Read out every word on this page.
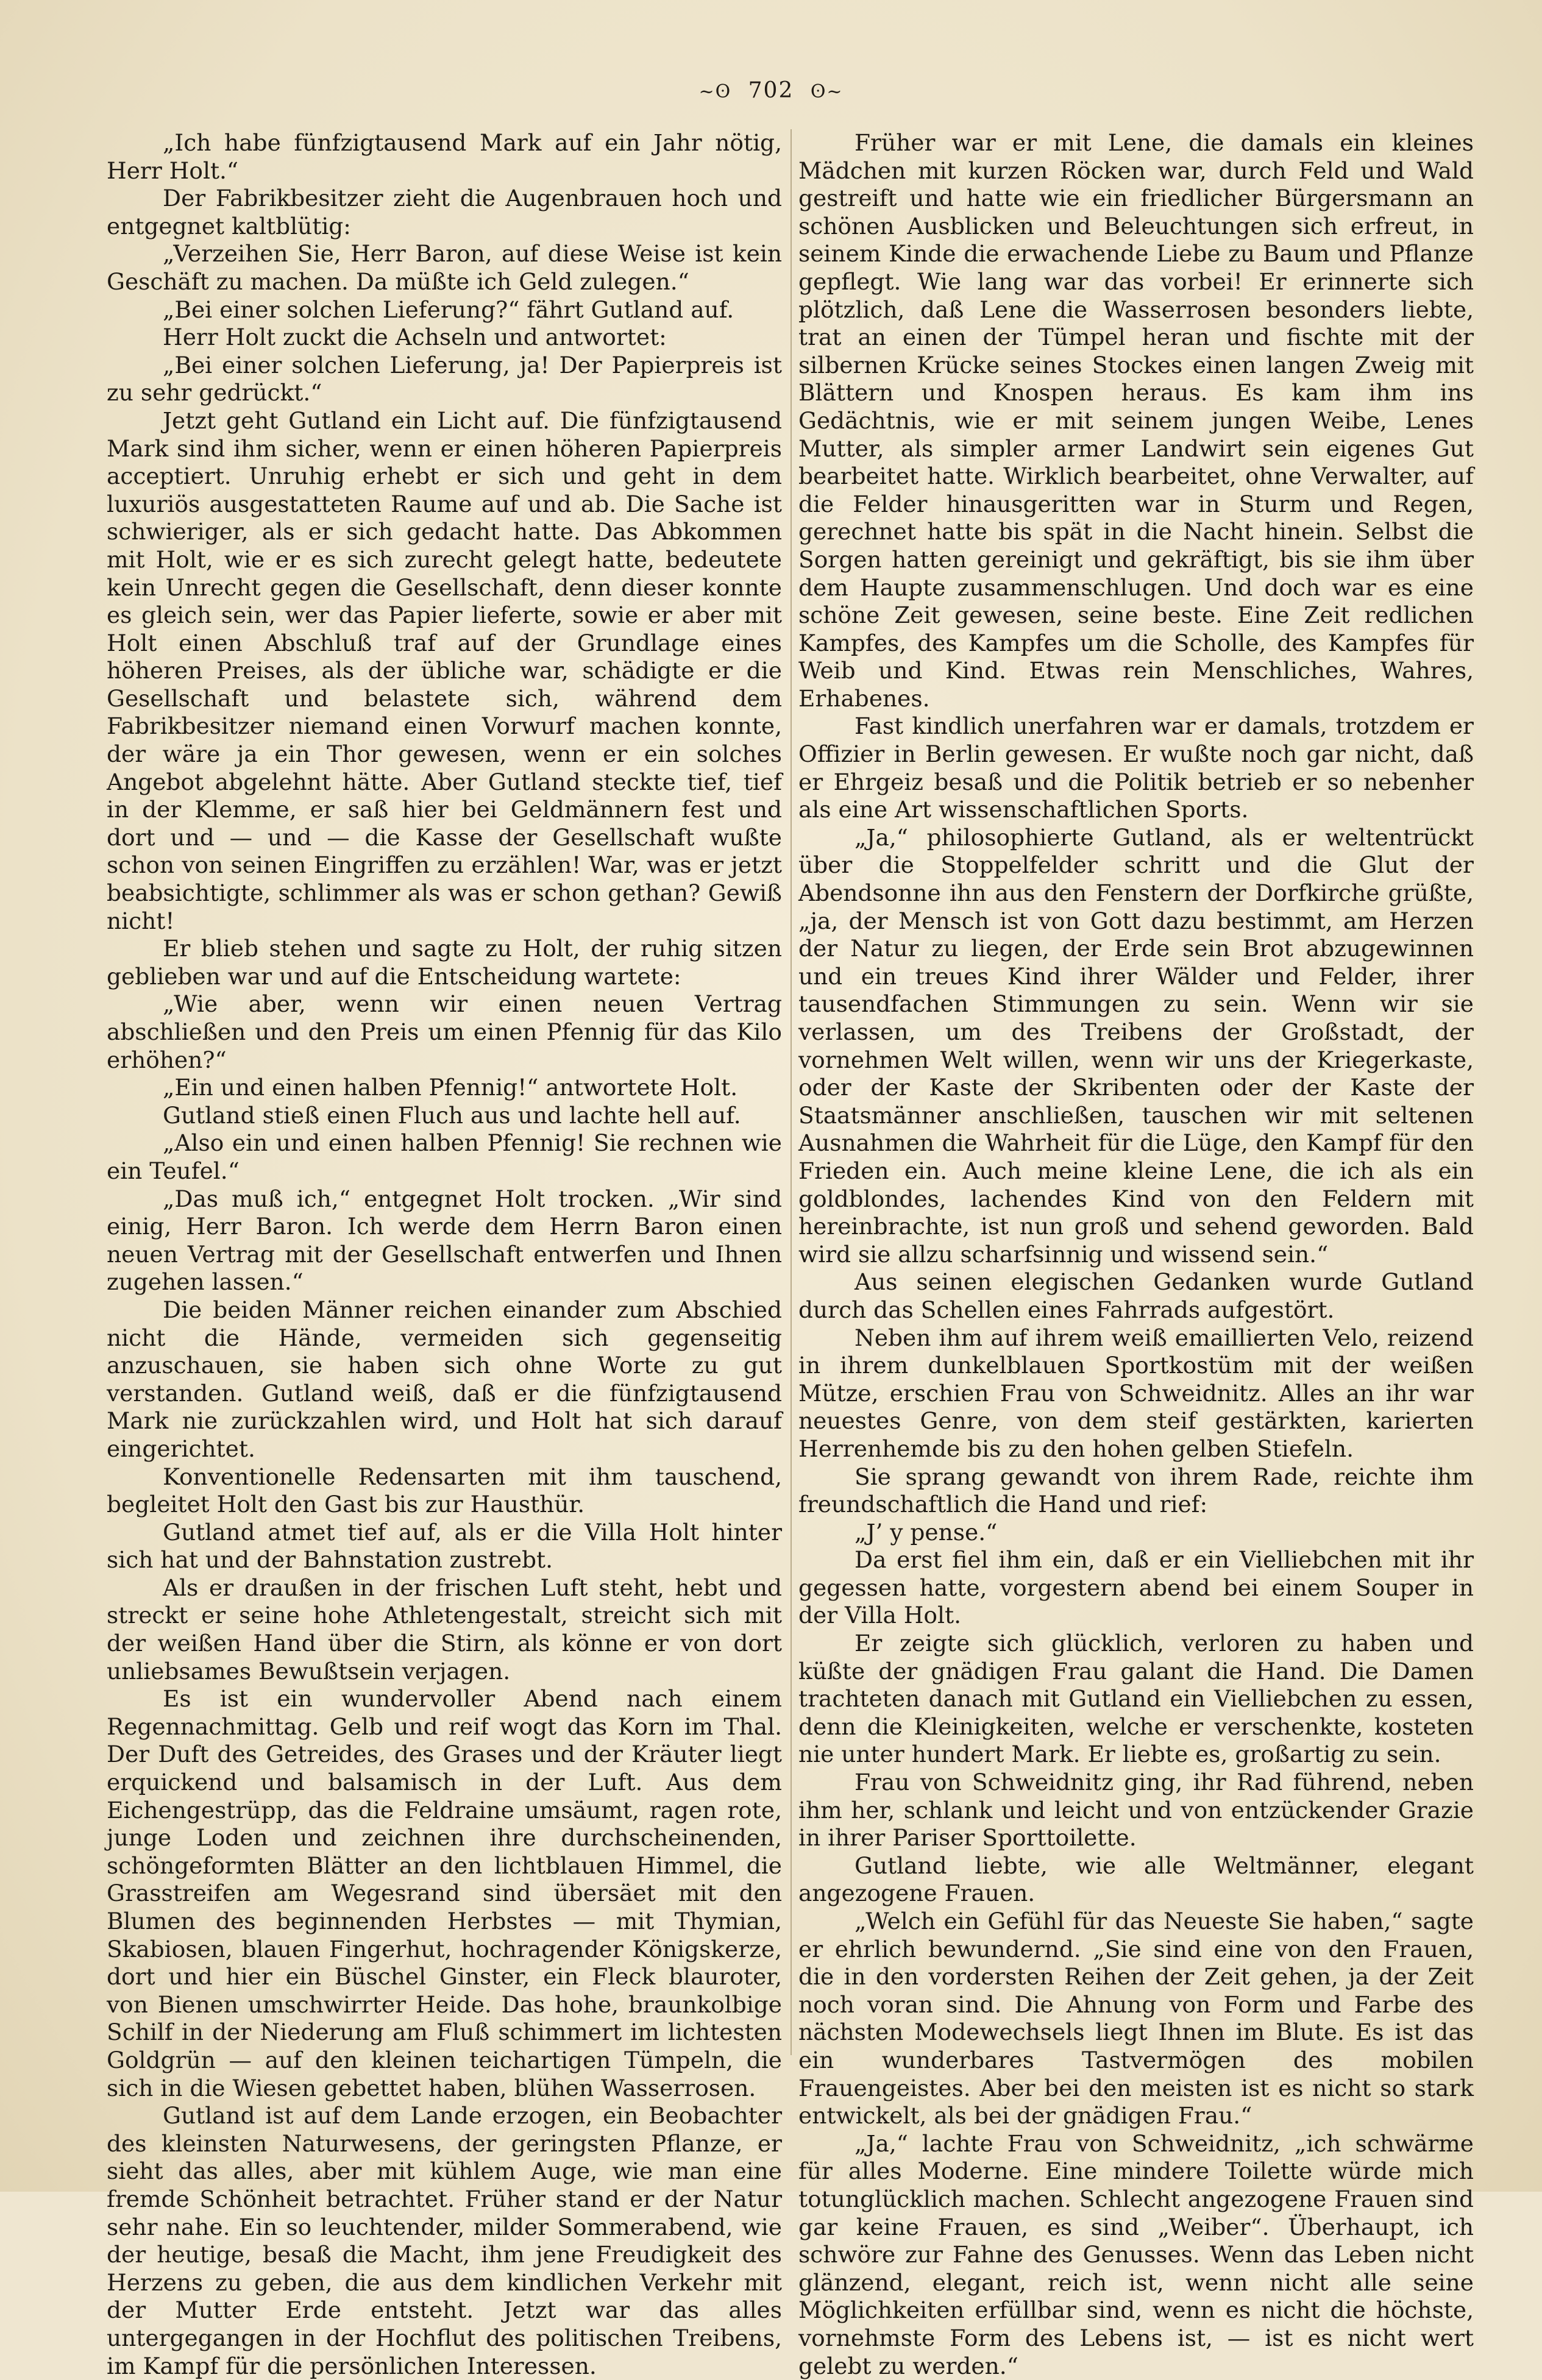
~ʘ 702 ʘ~

„Ich habe fünfzigtausend Mark auf ein Jahr nötig, Herr Holt.“

Der Fabrikbesitzer zieht die Augenbrauen hoch und entgegnet kaltblütig:

„Verzeihen Sie, Herr Baron, auf diese Weise ist kein Geschäft zu machen. Da müßte ich Geld zulegen.“

„Bei einer solchen Lieferung?“ fährt Gutland auf.

Herr Holt zuckt die Achseln und antwortet:

„Bei einer solchen Lieferung, ja! Der Papierpreis ist zu sehr gedrückt.“

Jetzt geht Gutland ein Licht auf. Die fünfzigtausend Mark sind ihm sicher, wenn er einen höheren Papierpreis acceptiert. Unruhig erhebt er sich und geht in dem luxuriös ausgestatteten Raume auf und ab. Die Sache ist schwieriger, als er sich gedacht hatte. Das Abkommen mit Holt, wie er es sich zurecht gelegt hatte, bedeutete kein Unrecht gegen die Gesellschaft, denn dieser konnte es gleich sein, wer das Papier lieferte, sowie er aber mit Holt einen Abschluß traf auf der Grundlage eines höheren Preises, als der übliche war, schädigte er die Gesellschaft und belastete sich, während dem Fabrikbesitzer niemand einen Vorwurf machen konnte, der wäre ja ein Thor gewesen, wenn er ein solches Angebot abgelehnt hätte. Aber Gutland steckte tief, tief in der Klemme, er saß hier bei Geldmännern fest und dort und — und — die Kasse der Gesellschaft wußte schon von seinen Eingriffen zu erzählen! War, was er jetzt beabsichtigte, schlimmer als was er schon gethan? Gewiß nicht!

Er blieb stehen und sagte zu Holt, der ruhig sitzen geblieben war und auf die Entscheidung wartete:

„Wie aber, wenn wir einen neuen Vertrag abschließen und den Preis um einen Pfennig für das Kilo erhöhen?“

„Ein und einen halben Pfennig!“ antwortete Holt.

Gutland stieß einen Fluch aus und lachte hell auf.

„Also ein und einen halben Pfennig! Sie rechnen wie ein Teufel.“

„Das muß ich,“ entgegnet Holt trocken. „Wir sind einig, Herr Baron. Ich werde dem Herrn Baron einen neuen Vertrag mit der Gesellschaft entwerfen und Ihnen zugehen lassen.“

Die beiden Männer reichen einander zum Abschied nicht die Hände, vermeiden sich gegenseitig anzuschauen, sie haben sich ohne Worte zu gut verstanden. Gutland weiß, daß er die fünfzigtausend Mark nie zurückzahlen wird, und Holt hat sich darauf eingerichtet.

Konventionelle Redensarten mit ihm tauschend, begleitet Holt den Gast bis zur Hausthür.

Gutland atmet tief auf, als er die Villa Holt hinter sich hat und der Bahnstation zustrebt.

Als er draußen in der frischen Luft steht, hebt und streckt er seine hohe Athletengestalt, streicht sich mit der weißen Hand über die Stirn, als könne er von dort unliebsames Bewußtsein verjagen.

Es ist ein wundervoller Abend nach einem Regennachmittag. Gelb und reif wogt das Korn im Thal. Der Duft des Getreides, des Grases und der Kräuter liegt erquickend und balsamisch in der Luft. Aus dem Eichengestrüpp, das die Feldraine umsäumt, ragen rote, junge Loden und zeichnen ihre durchscheinenden, schöngeformten Blätter an den lichtblauen Himmel, die Grasstreifen am Wegesrand sind übersäet mit den Blumen des beginnenden Herbstes — mit Thymian, Skabiosen, blauen Fingerhut, hochragender Königskerze, dort und hier ein Büschel Ginster, ein Fleck blauroter, von Bienen umschwirrter Heide. Das hohe, braunkolbige Schilf in der Niederung am Fluß schimmert im lichtesten Goldgrün — auf den kleinen teichartigen Tümpeln, die sich in die Wiesen gebettet haben, blühen Wasserrosen.

Gutland ist auf dem Lande erzogen, ein Beobachter des kleinsten Naturwesens, der geringsten Pflanze, er sieht das alles, aber mit kühlem Auge, wie man eine fremde Schönheit betrachtet. Früher stand er der Natur sehr nahe. Ein so leuchtender, milder Sommerabend, wie der heutige, besaß die Macht, ihm jene Freudigkeit des Herzens zu geben, die aus dem kindlichen Verkehr mit der Mutter Erde entsteht. Jetzt war das alles untergegangen in der Hochflut des politischen Treibens, im Kampf für die persönlichen Interessen.

Früher war er mit Lene, die damals ein kleines Mädchen mit kurzen Röcken war, durch Feld und Wald gestreift und hatte wie ein friedlicher Bürgersmann an schönen Ausblicken und Beleuchtungen sich erfreut, in seinem Kinde die erwachende Liebe zu Baum und Pflanze gepflegt. Wie lang war das vorbei! Er erinnerte sich plötzlich, daß Lene die Wasserrosen besonders liebte, trat an einen der Tümpel heran und fischte mit der silbernen Krücke seines Stockes einen langen Zweig mit Blättern und Knospen heraus. Es kam ihm ins Gedächtnis, wie er mit seinem jungen Weibe, Lenes Mutter, als simpler armer Landwirt sein eigenes Gut bearbeitet hatte. Wirklich bearbeitet, ohne Verwalter, auf die Felder hinausgeritten war in Sturm und Regen, gerechnet hatte bis spät in die Nacht hinein. Selbst die Sorgen hatten gereinigt und gekräftigt, bis sie ihm über dem Haupte zusammenschlugen. Und doch war es eine schöne Zeit gewesen, seine beste. Eine Zeit redlichen Kampfes, des Kampfes um die Scholle, des Kampfes für Weib und Kind. Etwas rein Menschliches, Wahres, Erhabenes.

Fast kindlich unerfahren war er damals, trotzdem er Offizier in Berlin gewesen. Er wußte noch gar nicht, daß er Ehrgeiz besaß und die Politik betrieb er so nebenher als eine Art wissenschaftlichen Sports.

„Ja,“ philosophierte Gutland, als er weltentrückt über die Stoppelfelder schritt und die Glut der Abendsonne ihn aus den Fenstern der Dorfkirche grüßte, „ja, der Mensch ist von Gott dazu bestimmt, am Herzen der Natur zu liegen, der Erde sein Brot abzugewinnen und ein treues Kind ihrer Wälder und Felder, ihrer tausendfachen Stimmungen zu sein. Wenn wir sie verlassen, um des Treibens der Großstadt, der vornehmen Welt willen, wenn wir uns der Kriegerkaste, oder der Kaste der Skribenten oder der Kaste der Staatsmänner anschließen, tauschen wir mit seltenen Ausnahmen die Wahrheit für die Lüge, den Kampf für den Frieden ein. Auch meine kleine Lene, die ich als ein goldblondes, lachendes Kind von den Feldern mit hereinbrachte, ist nun groß und sehend geworden. Bald wird sie allzu scharfsinnig und wissend sein.“

Aus seinen elegischen Gedanken wurde Gutland durch das Schellen eines Fahrrads aufgestört.

Neben ihm auf ihrem weiß emaillierten Velo, reizend in ihrem dunkelblauen Sportkostüm mit der weißen Mütze, erschien Frau von Schweidnitz. Alles an ihr war neuestes Genre, von dem steif gestärkten, karierten Herrenhemde bis zu den hohen gelben Stiefeln.

Sie sprang gewandt von ihrem Rade, reichte ihm freundschaftlich die Hand und rief:

„J’ y pense.“

Da erst fiel ihm ein, daß er ein Vielliebchen mit ihr gegessen hatte, vorgestern abend bei einem Souper in der Villa Holt.

Er zeigte sich glücklich, verloren zu haben und küßte der gnädigen Frau galant die Hand. Die Damen trachteten danach mit Gutland ein Vielliebchen zu essen, denn die Kleinigkeiten, welche er verschenkte, kosteten nie unter hundert Mark. Er liebte es, großartig zu sein.

Frau von Schweidnitz ging, ihr Rad führend, neben ihm her, schlank und leicht und von entzückender Grazie in ihrer Pariser Sporttoilette.

Gutland liebte, wie alle Weltmänner, elegant angezogene Frauen.

„Welch ein Gefühl für das Neueste Sie haben,“ sagte er ehrlich bewundernd. „Sie sind eine von den Frauen, die in den vordersten Reihen der Zeit gehen, ja der Zeit noch voran sind. Die Ahnung von Form und Farbe des nächsten Modewechsels liegt Ihnen im Blute. Es ist das ein wunderbares Tastvermögen des mobilen Frauengeistes. Aber bei den meisten ist es nicht so stark entwickelt, als bei der gnädigen Frau.“

„Ja,“ lachte Frau von Schweidnitz, „ich schwärme für alles Moderne. Eine mindere Toilette würde mich totunglücklich machen. Schlecht angezogene Frauen sind gar keine Frauen, es sind „Weiber“. Überhaupt, ich schwöre zur Fahne des Genusses. Wenn das Leben nicht glänzend, elegant, reich ist, wenn nicht alle seine Möglichkeiten erfüllbar sind, wenn es nicht die höchste, vornehmste Form des Lebens ist, — ist es nicht wert gelebt zu werden.“
